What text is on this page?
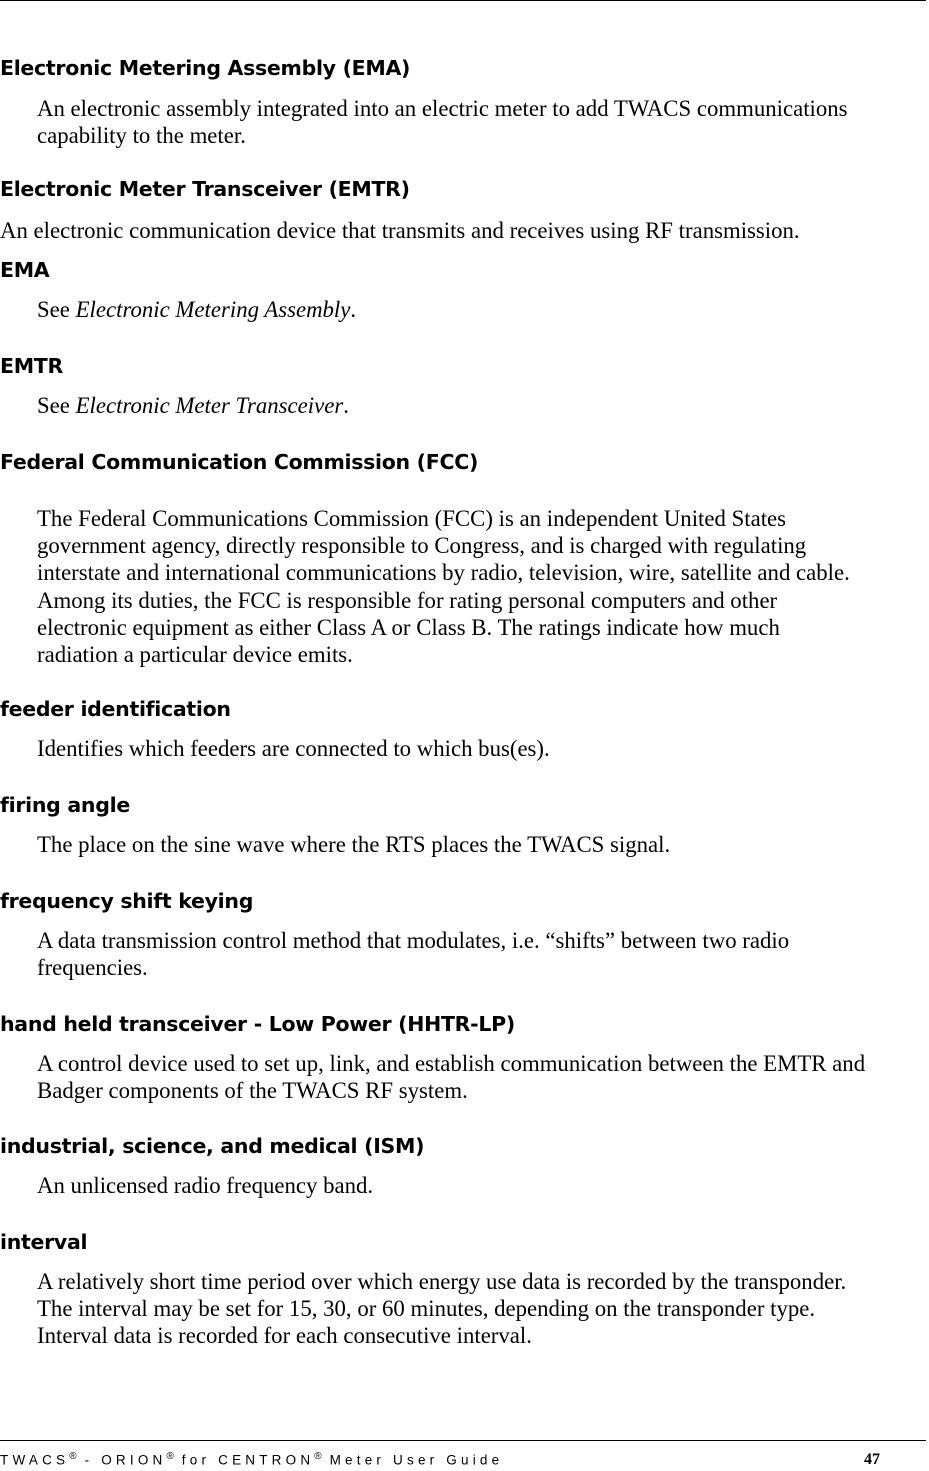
Electronic Metering Assembly (EMA)

An electronic assembly integrated into an electric meter to add TWACS communications capability to the meter.

Electronic Meter Transceiver (EMTR)

An electronic communication device that transmits and receives using RF transmission.

EMA

See Electronic Metering Assembly.

EMTR

See Electronic Meter Transceiver.

Federal Communication Commission (FCC)
The Federal Communications Commission (FCC) is an independent United States
government agency, directly responsible to Congress, and is charged with regulating
interstate and international communications by radio, television, wire, satellite and cable.
Among its duties, the FCC is responsible for rating personal computers and other
electronic equipment as either Class A or Class B. The ratings indicate how much
radiation a particular device emits.
feeder identification

Identifies which feeders are connected to which bus(es).

firing angle

The place on the sine wave where the RTS places the TWACS signal.

frequency shift keying

A data transmission control method that modulates, i.e. “shifts” between two radio frequencies.

hand held transceiver - Low Power (HHTR-LP)

A control device used to set up, link, and establish communication between the EMTR and Badger components of the TWACS RF system.

industrial, science, and medical (ISM)

An unlicensed radio frequency band.

interval
A relatively short time period over which energy use data is recorded by the transponder.
The interval may be set for 15, 30, or 60 minutes, depending on the transponder type.
Interval data is recorded for each consecutive interval.
TWACS® - ORION® for CENTRON® Meter User Guide	47
